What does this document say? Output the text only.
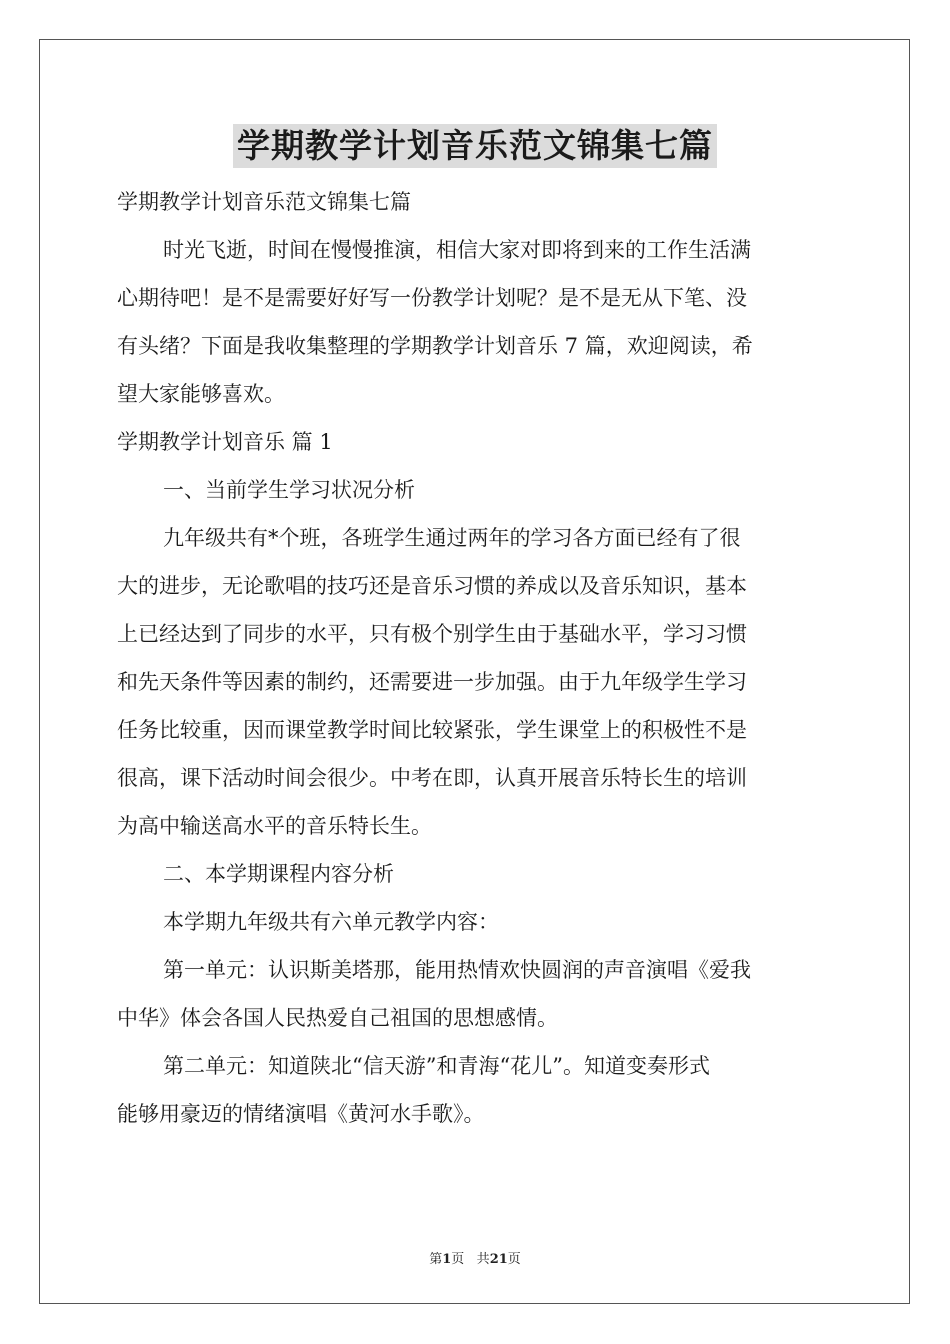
学期教学计划音乐范文锦集七篇

学期教学计划音乐范文锦集七篇

时光飞逝，时间在慢慢推演，相信大家对即将到来的工作生活满

心期待吧！是不是需要好好写一份教学计划呢？是不是无从下笔、没

有头绪？下面是我收集整理的学期教学计划音乐 7 篇，欢迎阅读，希

望大家能够喜欢。

学期教学计划音乐 篇 1

一、当前学生学习状况分析

九年级共有*个班，各班学生通过两年的学习各方面已经有了很

大的进步，无论歌唱的技巧还是音乐习惯的养成以及音乐知识，基本

上已经达到了同步的水平，只有极个别学生由于基础水平，学习习惯

和先天条件等因素的制约，还需要进一步加强。由于九年级学生学习

任务比较重，因而课堂教学时间比较紧张，学生课堂上的积极性不是

很高，课下活动时间会很少。中考在即，认真开展音乐特长生的培训

为高中输送高水平的音乐特长生。

二、本学期课程内容分析

本学期九年级共有六单元教学内容：

第一单元：认识斯美塔那，能用热情欢快圆润的声音演唱《爱我

中华》体会各国人民热爱自己祖国的思想感情。

第二单元：知道陕北“信天游”和青海“花儿”。知道变奏形式

能够用豪迈的情绪演唱《黄河水手歌》。

第1页 共21页
